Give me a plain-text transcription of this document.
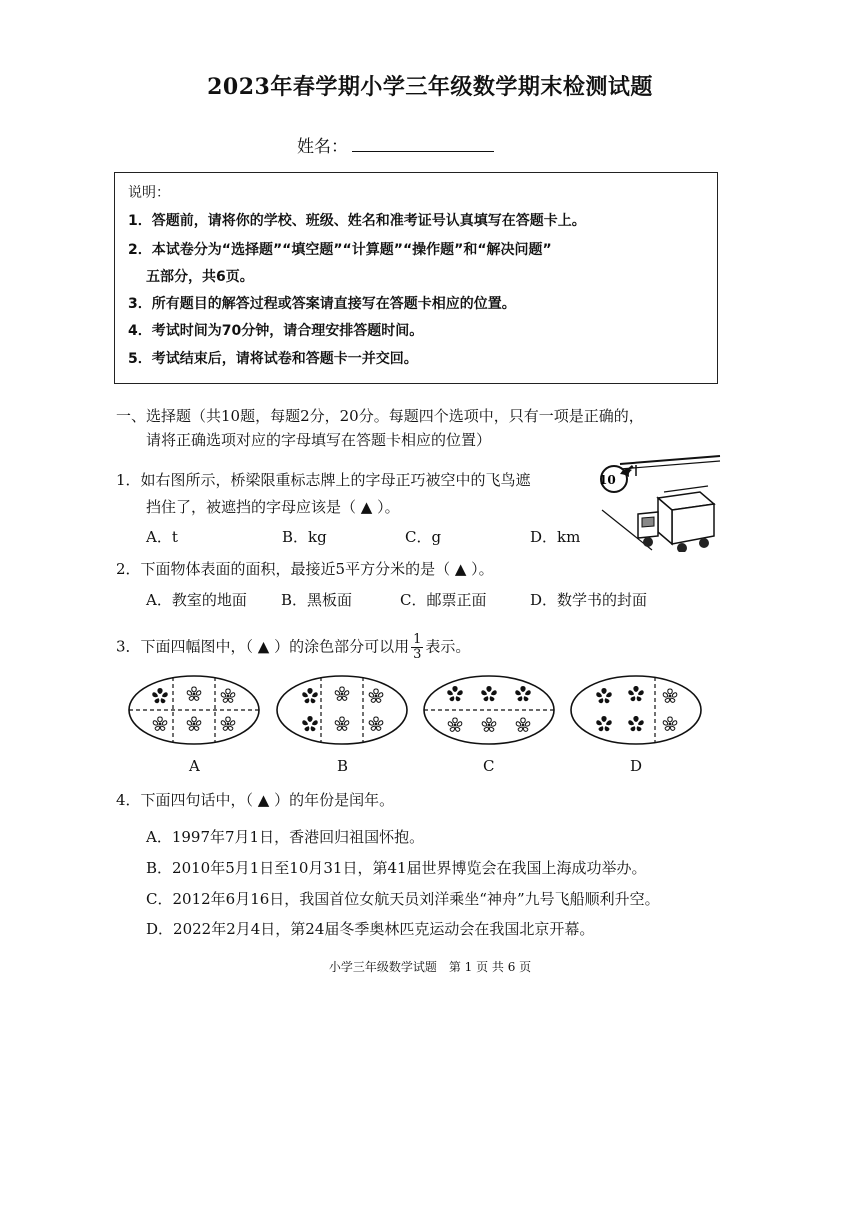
2023年春学期小学三年级数学期末检测试题
姓名：
说明：
1．答题前，请将你的学校、班级、姓名和准考证号认真填写在答题卡上。
2．本试卷分为“选择题”“填空题”“计算题”“操作题”和“解决问题”
五部分，共6页。
3．所有题目的解答过程或答案请直接写在答题卡相应的位置。
4．考试时间为70分钟，请合理安排答题时间。
5．考试结束后，请将试卷和答题卡一并交回。
一、选择题（共10题，每题2分，20分。每题四个选项中，只有一项是正确的，
请将正确选项对应的字母填写在答题卡相应的位置）
1．如右图所示，桥梁限重标志牌上的字母正巧被空中的飞鸟遮
挡住了，被遮挡的字母应该是（ ▲ ）。
A．t	B．kg	C．g	D．km
10
2．下面物体表面的面积，最接近5平方分米的是（ ▲ ）。
A．教室的地面 B．黑板面	C．邮票正面	D．数学书的封面
3．下面四幅图中，（ ▲ ）的涂色部分可以用 $\frac{1}{3}$ 表示。
A	B	C	D
4．下面四句话中，（ ▲ ）的年份是闰年。
A．1997年7月1日，香港回归祖国怀抱。
B．2010年5月1日至10月31日，第41届世界博览会在我国上海成功举办。
C．2012年6月16日，我国首位女航天员刘洋乘坐“神舟”九号飞船顺利升空。
D．2022年2月4日，第24届冬季奥林匹克运动会在我国北京开幕。
小学三年级数学试题　第 1 页 共 6 页
